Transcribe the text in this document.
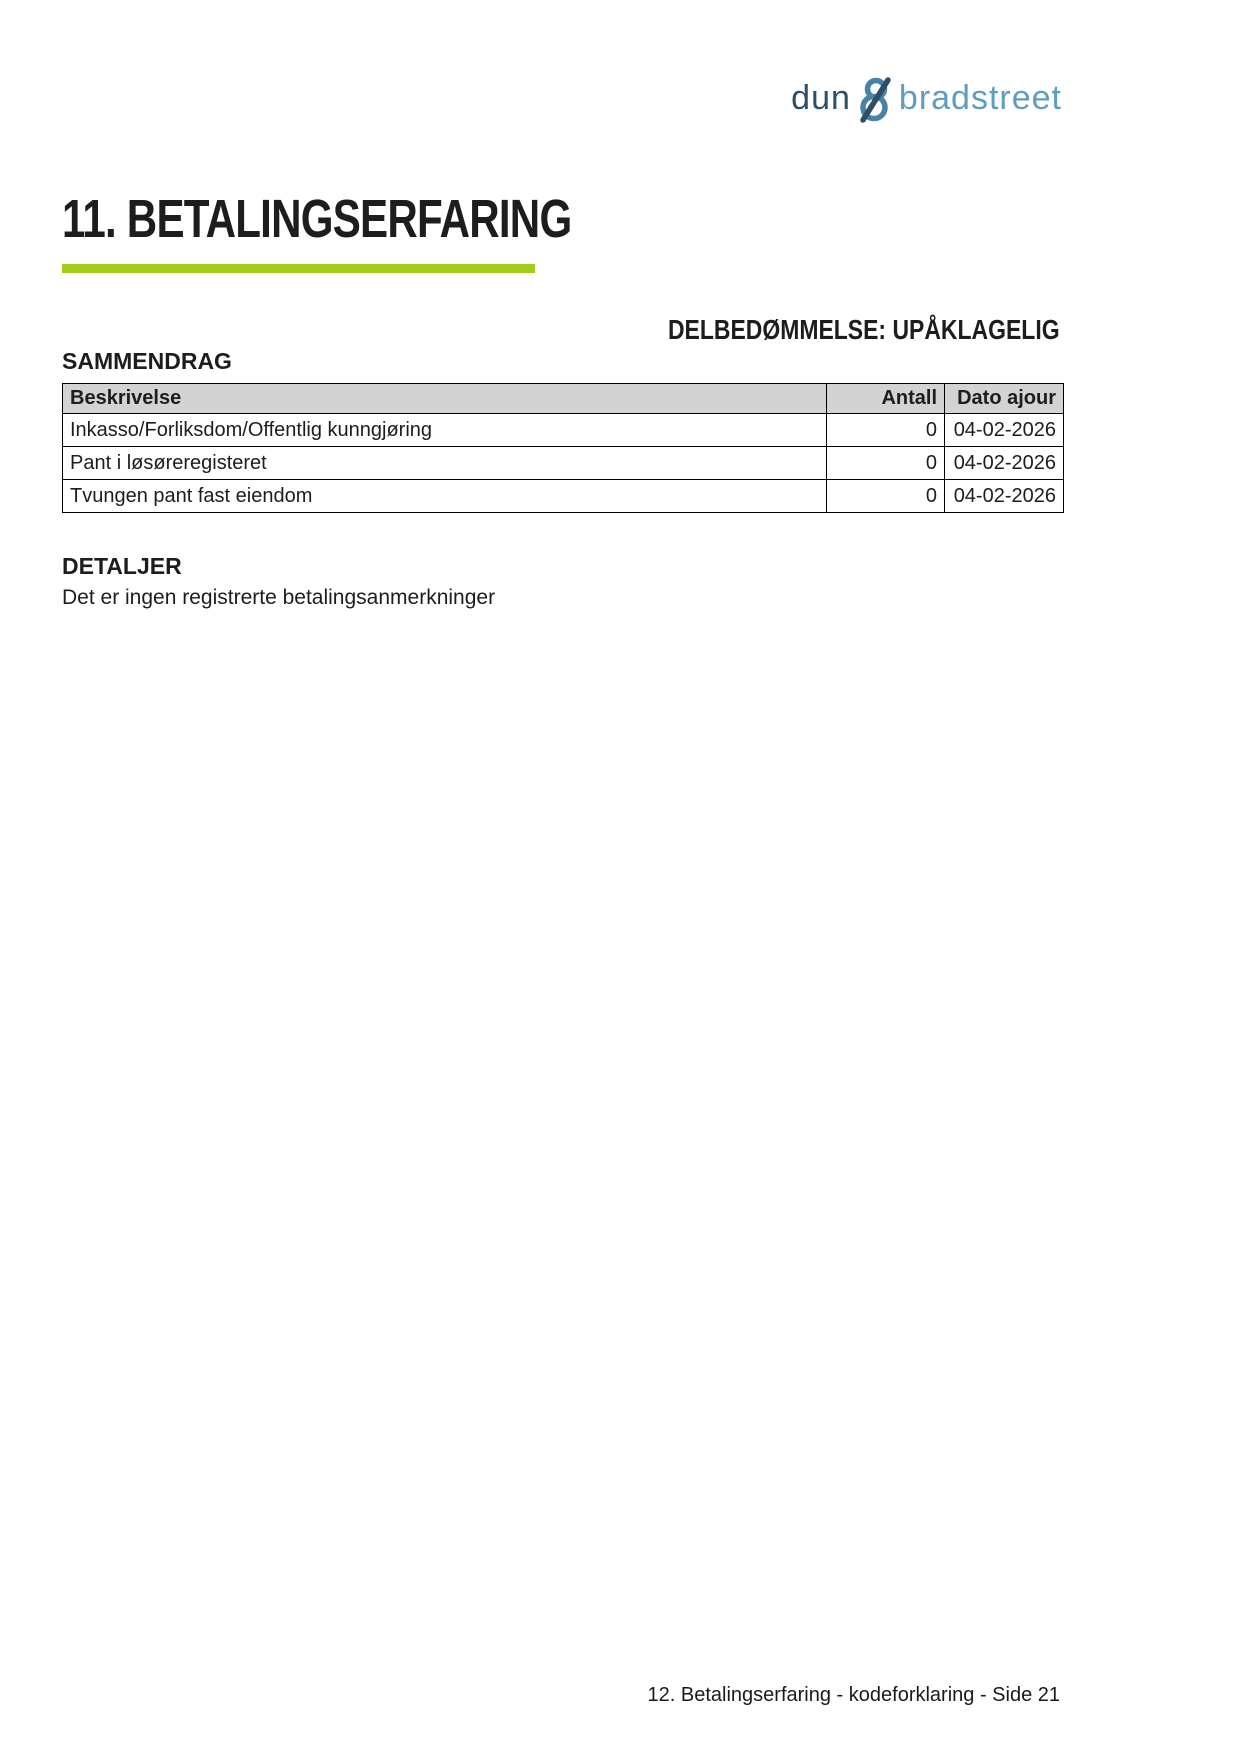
dun bradstreet
11. BETALINGSERFARING
DELBEDØMMELSE: UPÅKLAGELIG
SAMMENDRAG
Beskrivelse	Antall	Dato ajour
Inkasso/Forliksdom/Offentlig kunngjøring	0	04-02-2026
Pant i løsøreregisteret	0	04-02-2026
Tvungen pant fast eiendom	0	04-02-2026
DETALJER

Det er ingen registrerte betalingsanmerkninger

12. Betalingserfaring - kodeforklaring - Side 21
